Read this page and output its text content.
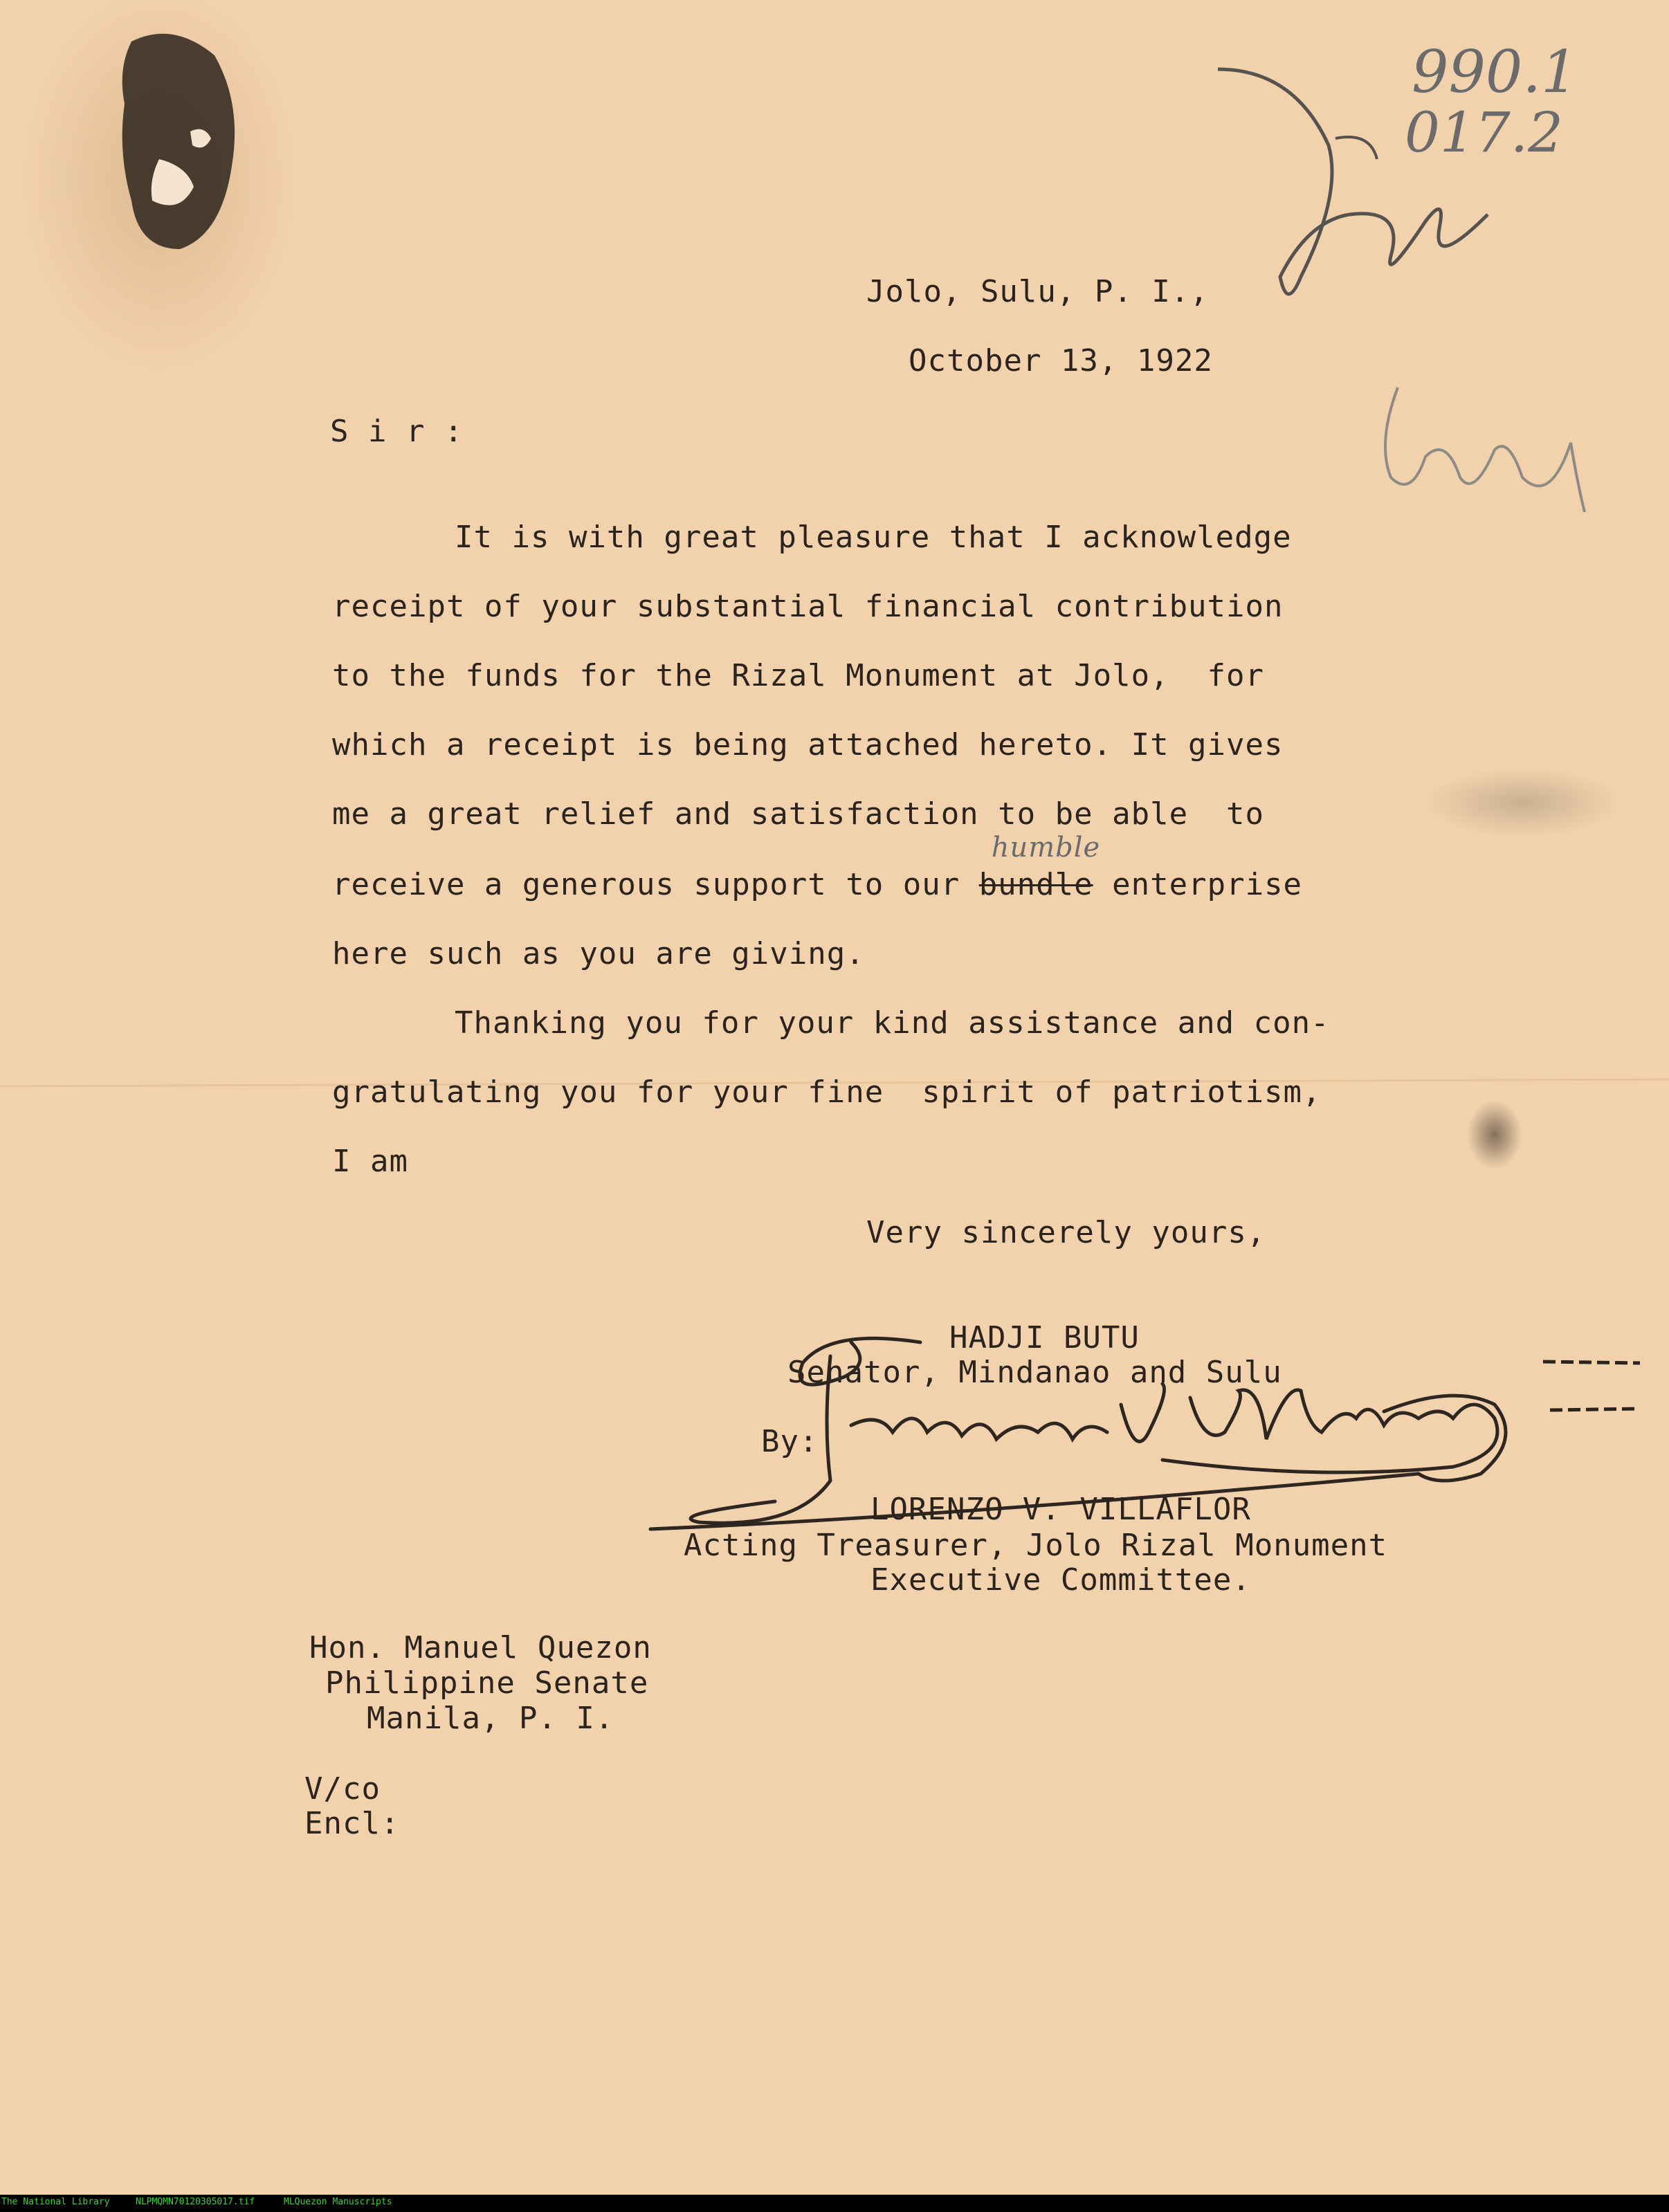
990.1
017.2
Jolo, Sulu, P. I.,
October 13, 1922
S i r :
It is with great pleasure that I acknowledge
receipt of your substantial financial contribution
to the funds for the Rizal Monument at Jolo,  for
which a receipt is being attached hereto. It gives
me a great relief and satisfaction to be able  to
receive a generous support to our bundle
humble
enterprise
here such as you are giving.
Thanking you for your kind assistance and con-
gratulating you for your fine  spirit of patriotism,
I am
Very sincerely yours,
HADJI BUTU
Senator, Mindanao and Sulu
By:
LORENZO V. VILLAFLOR
Acting Treasurer, Jolo Rizal Monument
Executive Committee.
Hon. Manuel Quezon
Philippine Senate
Manila, P. I.
V/co
Encl:
The National Library	NLPMQMN70120305017.tif	MLQuezon Manuscripts
